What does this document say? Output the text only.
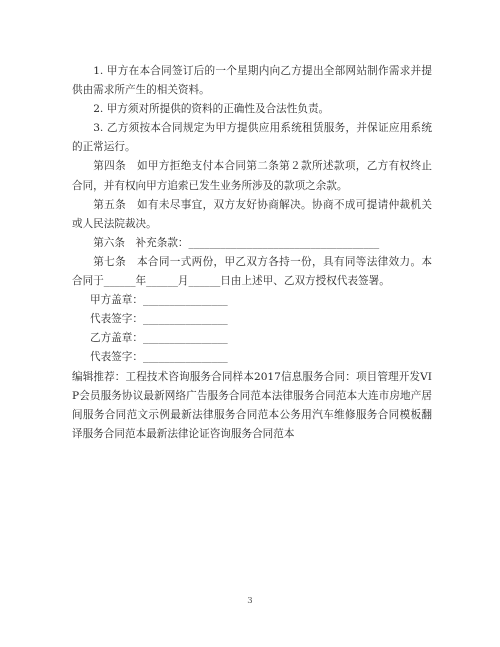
1. 甲方在本合同签订后的一个星期内向乙方提出全部网站制作需求并提供由需求所产生的相关资料。

2. 甲方须对所提供的资料的正确性及合法性负责。

3. 乙方须按本合同规定为甲方提供应用系统租赁服务，并保证应用系统的正常运行。

第四条　如甲方拒绝支付本合同第二条第２款所述款项，乙方有权终止合同，并有权向甲方追索已发生业务所涉及的款项之余款。

第五条　如有未尽事宜，双方友好协商解决。协商不成可提请仲裁机关或人民法院裁决。

第六条　补充条款：____________________________________

第七条　本合同一式两份，甲乙双方各持一份，具有同等法律效力。本合同于______年______月______日由上述甲、乙双方授权代表签署。

甲方盖章：________________

代表签字：________________

乙方盖章：________________

代表签字：________________

编辑推荐：工程技术咨询服务合同样本2017信息服务合同：项目管理开发VIP会员服务协议最新网络广告服务合同范本法律服务合同范本大连市房地产居间服务合同范文示例最新法律服务合同范本公务用汽车维修服务合同模板翻译服务合同范本最新法律论证咨询服务合同范本

3
